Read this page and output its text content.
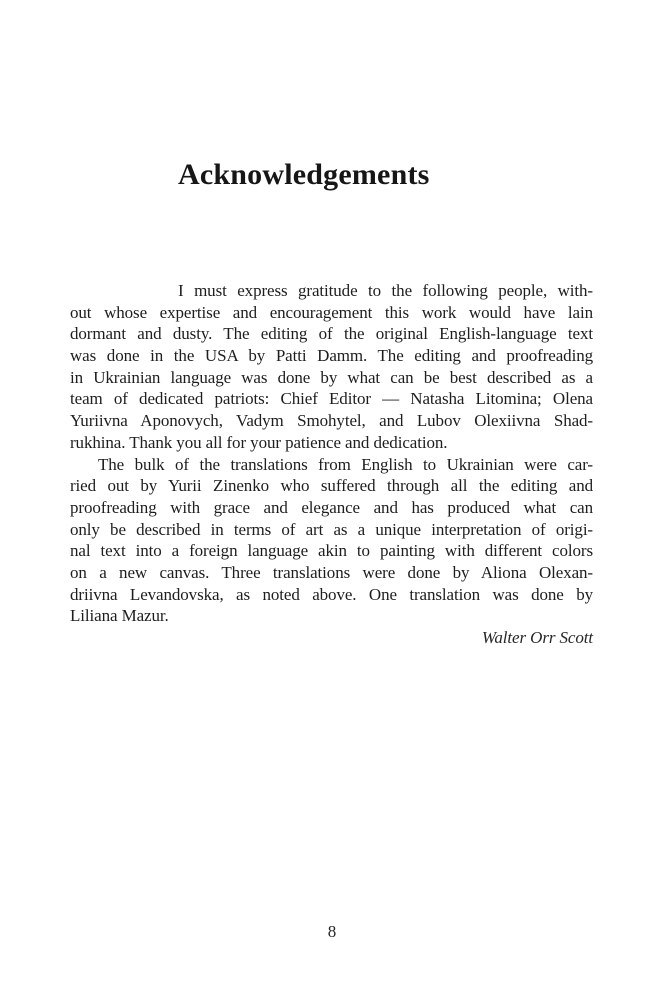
Acknowledgements
I must express gratitude to the following people, with-
out whose expertise and encouragement this work would have lain
dormant and dusty. The editing of the original English-language text
was done in the USA by Patti Damm. The editing and proofreading
in Ukrainian language was done by what can be best described as a
team of dedicated patriots: Chief Editor — Natasha Litomina; Olena
Yuriivna Aponovych, Vadym Smohytel, and Lubov Olexiivna Shad-
rukhina. Thank you all for your patience and dedication.
The bulk of the translations from English to Ukrainian were car-
ried out by Yurii Zinenko who suffered through all the editing and
proofreading with grace and elegance and has produced what can
only be described in terms of art as a unique interpretation of origi-
nal text into a foreign language akin to painting with different colors
on a new canvas. Three translations were done by Aliona Olexan-
driivna Levandovska, as noted above. One translation was done by
Liliana Mazur.
Walter Orr Scott
8
